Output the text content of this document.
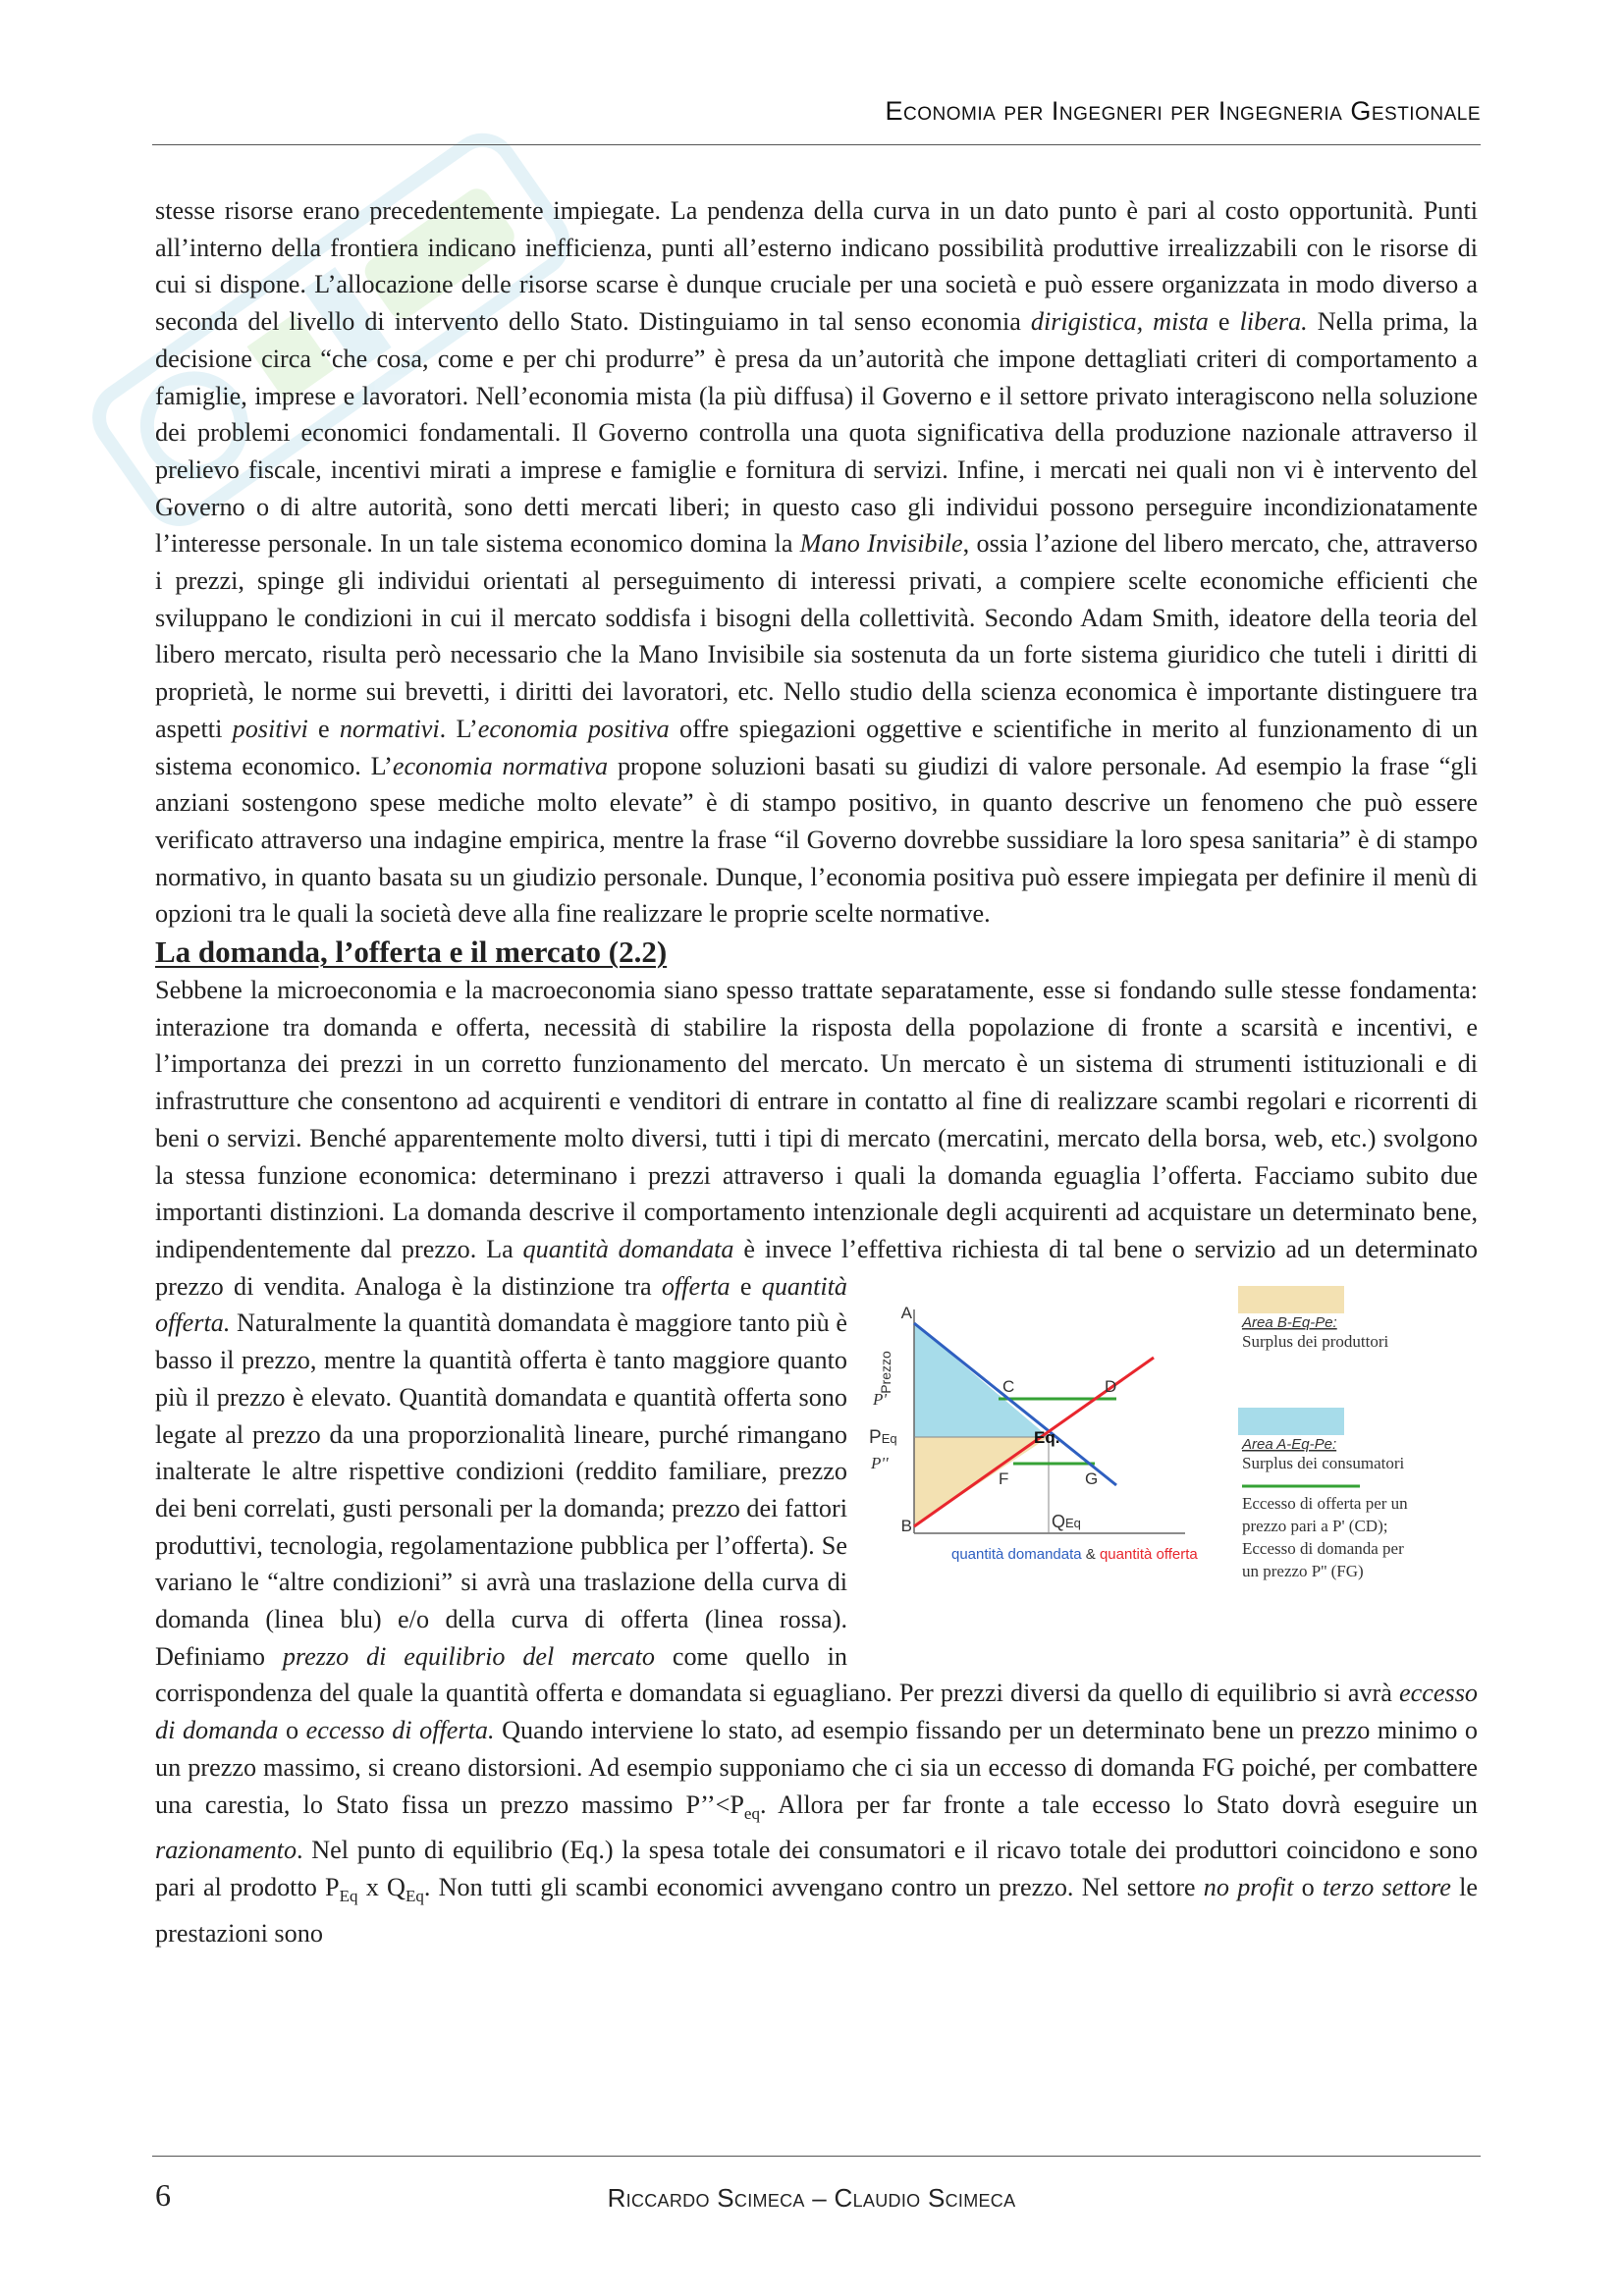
Economia per Ingegneri per Ingegneria Gestionale

stesse risorse erano precedentemente impiegate. La pendenza della curva in un dato punto è pari al costo opportunità. Punti all’interno della frontiera indicano inefficienza, punti all’esterno indicano possibilità produttive irrealizzabili con le risorse di cui si dispone. L’allocazione delle risorse scarse è dunque cruciale per una società e può essere organizzata in modo diverso a seconda del livello di intervento dello Stato. Distinguiamo in tal senso economia dirigistica, mista e libera. Nella prima, la decisione circa “che cosa, come e per chi produrre” è presa da un’autorità che impone dettagliati criteri di comportamento a famiglie, imprese e lavoratori. Nell’economia mista (la più diffusa) il Governo e il settore privato interagiscono nella soluzione dei problemi economici fondamentali. Il Governo controlla una quota significativa della produzione nazionale attraverso il prelievo fiscale, incentivi mirati a imprese e famiglie e fornitura di servizi. Infine, i mercati nei quali non vi è intervento del Governo o di altre autorità, sono detti mercati liberi; in questo caso gli individui possono perseguire incondizionatamente l’interesse personale. In un tale sistema economico domina la Mano Invisibile, ossia l’azione del libero mercato, che, attraverso i prezzi, spinge gli individui orientati al perseguimento di interessi privati, a compiere scelte economiche efficienti che sviluppano le condizioni in cui il mercato soddisfa i bisogni della collettività. Secondo Adam Smith, ideatore della teoria del libero mercato, risulta però necessario che la Mano Invisibile sia sostenuta da un forte sistema giuridico che tuteli i diritti di proprietà, le norme sui brevetti, i diritti dei lavoratori, etc. Nello studio della scienza economica è importante distinguere tra aspetti positivi e normativi. L’economia positiva offre spiegazioni oggettive e scientifiche in merito al funzionamento di un sistema economico. L’economia normativa propone soluzioni basati su giudizi di valore personale. Ad esempio la frase “gli anziani sostengono spese mediche molto elevate” è di stampo positivo, in quanto descrive un fenomeno che può essere verificato attraverso una indagine empirica, mentre la frase “il Governo dovrebbe sussidiare la loro spesa sanitaria” è di stampo normativo, in quanto basata su un giudizio personale. Dunque, l’economia positiva può essere impiegata per definire il menù di opzioni tra le quali la società deve alla fine realizzare le proprie scelte normative.

La domanda, l’offerta e il mercato (2.2)

Sebbene la microeconomia e la macroeconomia siano spesso trattate separatamente, esse si fondando sulle stesse fondamenta: interazione tra domanda e offerta, necessità di stabilire la risposta della popolazione di fronte a scarsità e incentivi, e l’importanza dei prezzi in un corretto funzionamento del mercato. Un mercato è un sistema di strumenti istituzionali e di infrastrutture che consentono ad acquirenti e venditori di entrare in contatto al fine di realizzare scambi regolari e ricorrenti di beni o servizi. Benché apparentemente molto diversi, tutti i tipi di mercato (mercatini, mercato della borsa, web, etc.) svolgono la stessa funzione economica: determinano i prezzi attraverso i quali la domanda eguaglia l’offerta. Facciamo subito due importanti distinzioni. La domanda descrive il comportamento intenzionale degli acquirenti ad acquistare un determinato bene, indipendentemente dal prezzo. La quantità domandata è invece l’effettiva richiesta di tal
A
B
C	D
F	G
Eq.
P'
PEq
P''
QEq
Prezzo
quantità domandata & quantità offerta
Area B-Eq-Pe:
Surplus dei produttori
Area A-Eq-Pe:
Surplus dei consumatori
Eccesso di offerta per un
prezzo pari a P' (CD);
Eccesso di domanda per
un prezzo P'' (FG)
bene o servizio ad un determinato prezzo di vendita. Analoga è la distinzione tra offerta e quantità offerta. Naturalmente la quantità domandata è maggiore tanto più è basso il prezzo, mentre la quantità offerta è tanto maggiore quanto più il prezzo è elevato. Quantità domandata e quantità offerta sono legate al prezzo da una proporzionalità lineare, purché rimangano inalterate le altre rispettive condizioni (reddito familiare, prezzo dei beni correlati, gusti personali per la domanda; prezzo dei fattori produttivi, tecnologia, regolamentazione pubblica per l’offerta). Se variano le “altre condizioni” si avrà una traslazione della curva di domanda (linea blu) e/o della curva di offerta (linea rossa). Definiamo prezzo di equilibrio del mercato come quello in corrispondenza del quale la quantità offerta e domandata si eguagliano. Per prezzi diversi da quello di equilibrio si avrà eccesso di domanda o eccesso di offerta. Quando interviene lo stato, ad esempio fissando per un determinato bene un prezzo minimo o un prezzo massimo, si creano distorsioni. Ad esempio supponiamo che ci sia un eccesso di domanda FG poiché, per combattere una carestia, lo Stato fissa un prezzo massimo $P’’<P_{eq}$. Allora per far fronte a tale eccesso lo Stato dovrà eseguire un razionamento. Nel punto di equilibrio (Eq.) la spesa totale dei consumatori e il ricavo totale dei produttori coincidono e sono pari al prodotto $P_{Eq}$ x $Q_{Eq}$. Non tutti gli scambi economici avvengano contro un prezzo. Nel settore no profit o terzo settore le prestazioni sono

6	Riccardo Scimeca – Claudio Scimeca
